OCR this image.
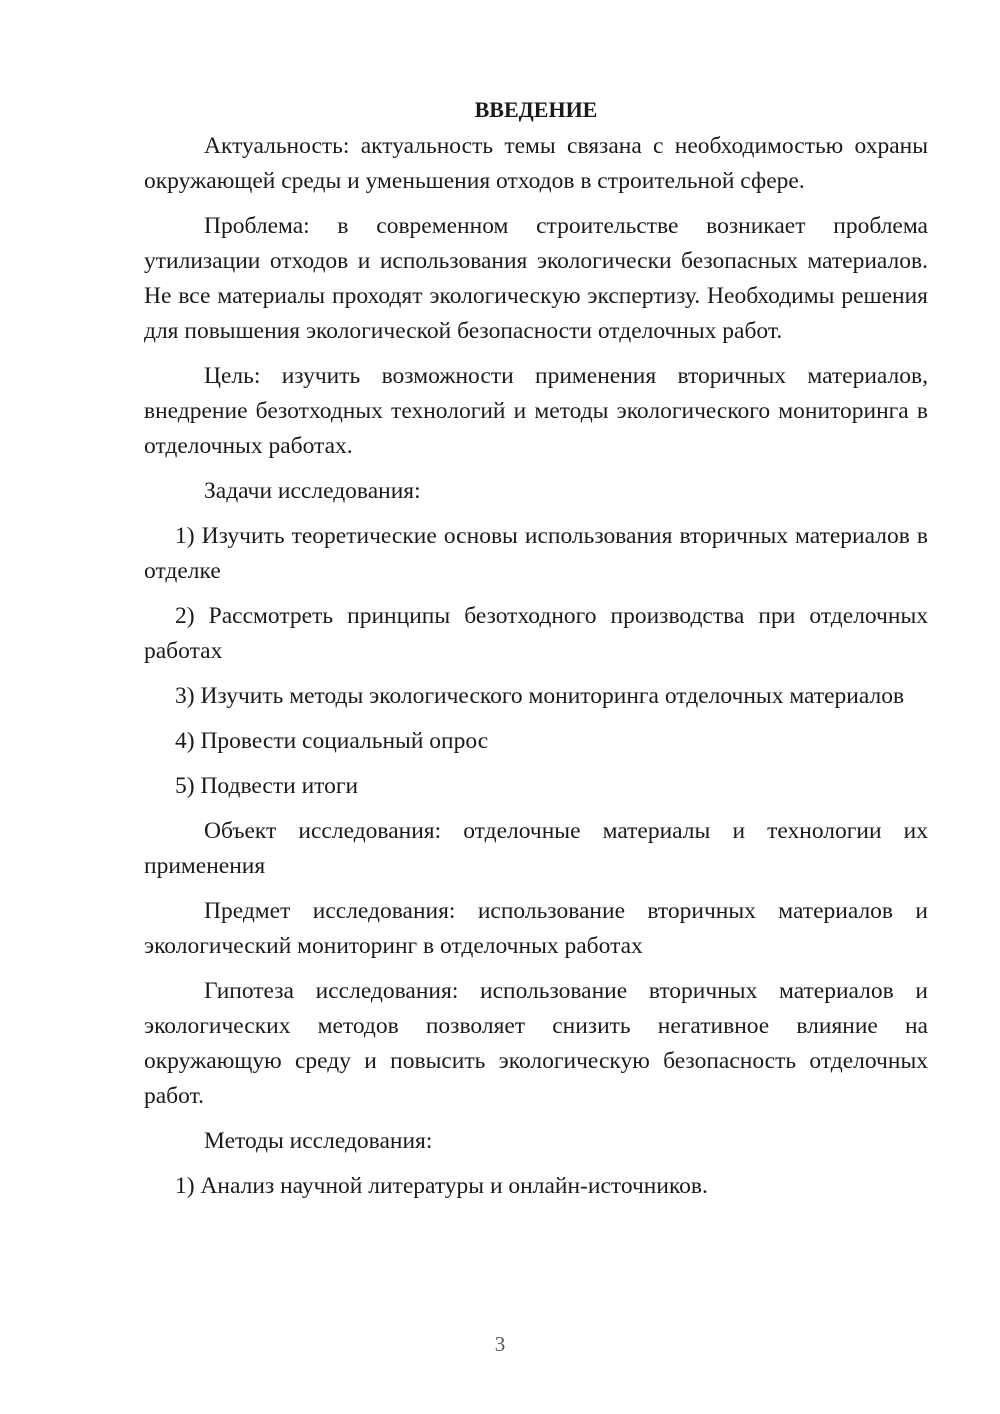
ВВЕДЕНИЕ

Актуальность: актуальность темы связана с необходимостью охраны окружающей среды и уменьшения отходов в строительной сфере.

Проблема: в современном строительстве возникает проблема утилизации отходов и использования экологически безопасных материалов. Не все материалы проходят экологическую экспертизу. Необходимы решения для повышения экологической безопасности отделочных работ.

Цель: изучить возможности применения вторичных материалов, внедрение безотходных технологий и методы экологического мониторинга в отделочных работах.

Задачи исследования:

1) Изучить теоретические основы использования вторичных материалов в отделке

2) Рассмотреть принципы безотходного производства при отделочных работах

3) Изучить методы экологического мониторинга отделочных материалов

4) Провести социальный опрос

5) Подвести итоги

Объект исследования: отделочные материалы и технологии их применения

Предмет исследования: использование вторичных материалов и экологический мониторинг в отделочных работах

Гипотеза исследования: использование вторичных материалов и экологических методов позволяет снизить негативное влияние на окружающую среду и повысить экологическую безопасность отделочных работ.

Методы исследования:

1) Анализ научной литературы и онлайн-источников.

3
